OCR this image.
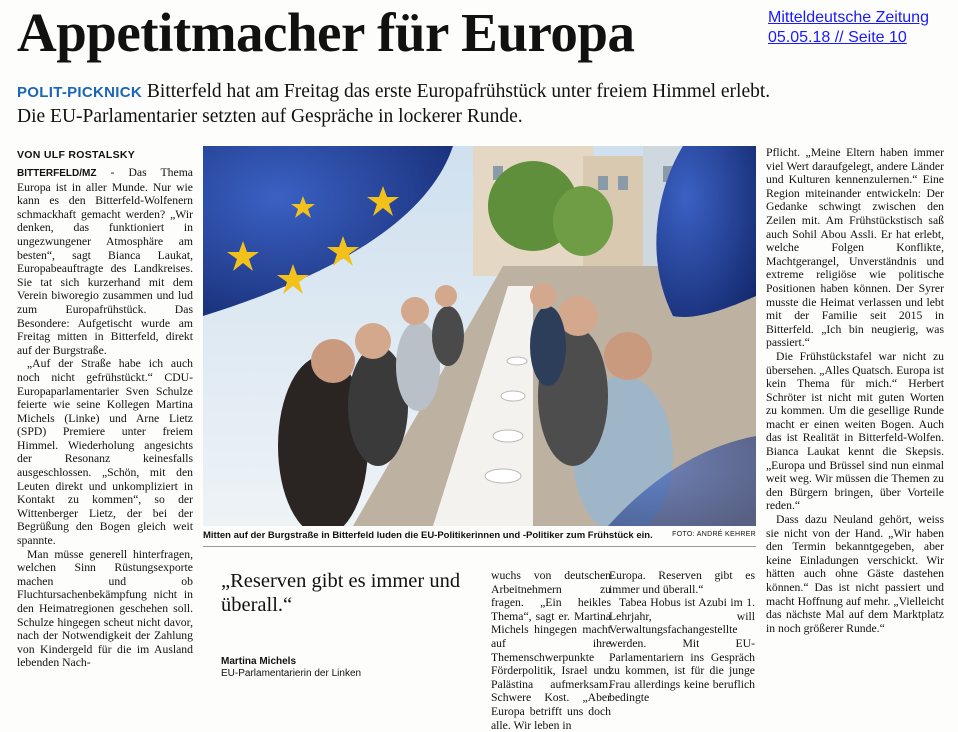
Appetitmacher für Europa	Mitteldeutsche Zeitung
05.05.18 // Seite 10
POLIT-PICKNICK Bitterfeld hat am Freitag das erste Europafrühstück unter freiem Himmel erlebt.
Die EU-Parlamentarier setzten auf Gespräche in lockerer Runde.
VON ULF ROSTALSKY

BITTERFELD/MZ - Das Thema Europa ist in aller Munde. Nur wie kann es den Bitterfeld-Wolfenern schmackhaft gemacht werden? „Wir denken, das funktioniert in ungezwungener Atmosphäre am besten“, sagt Bianca Laukat, Europabeauftragte des Landkreises. Sie tat sich kurzerhand mit dem Verein biworegio zusammen und lud zum Europafrühstück. Das Besondere: Aufgetischt wurde am Freitag mitten in Bitterfeld, direkt auf der Burgstraße.

„Auf der Straße habe ich auch noch nicht gefrühstückt.“ CDU-Europaparlamentarier Sven Schulze feierte wie seine Kollegen Martina Michels (Linke) und Arne Lietz (SPD) Premiere unter freiem Himmel. Wiederholung angesichts der Resonanz keinesfalls ausgeschlossen. „Schön, mit den Leuten direkt und unkompliziert in Kontakt zu kommen“, so der Wittenberger Lietz, der bei der Begrüßung den Bogen gleich weit spannte.

Man müsse generell hinterfragen, welchen Sinn Rüstungsexporte machen und ob Fluchtursachenbekämpfung nicht in den Heimatregionen geschehen soll. Schulze hingegen scheut nicht davor, nach der Notwendigkeit der Zahlung von Kindergeld für die im Ausland lebenden Nach-

Mitten auf der Burgstraße in Bitterfeld luden die EU-Politikerinnen und -Politiker zum Frühstück ein.	FOTO: ANDRÉ KEHRER
„Reserven gibt es immer und überall.“
Martina Michels
EU-Parlamentarierin der Linken

wuchs von deutschen Arbeitnehmern zu fragen. „Ein heikles Thema“, sagt er. Martina Michels hingegen macht auf ihre Themenschwerpunkte Förderpolitik, Israel und Palästina aufmerksam. Schwere Kost. „Aber Europa betrifft uns doch alle. Wir leben in

Europa. Reserven gibt es immer und überall.“

Tabea Hobus ist Azubi im 1. Lehrjahr, will Verwaltungsfachangestellte werden. Mit EU-Parlamentariern ins Gespräch zu kommen, ist für die junge Frau allerdings keine beruflich bedingte

Pflicht. „Meine Eltern haben immer viel Wert daraufgelegt, andere Länder und Kulturen kennenzulernen.“ Eine Region miteinander entwickeln: Der Gedanke schwingt zwischen den Zeilen mit. Am Frühstückstisch saß auch Sohil Abou Assli. Er hat erlebt, welche Folgen Konflikte, Machtgerangel, Unverständnis und extreme religiöse wie politische Positionen haben können. Der Syrer musste die Heimat verlassen und lebt mit der Familie seit 2015 in Bitterfeld. „Ich bin neugierig, was passiert.“

Die Frühstückstafel war nicht zu übersehen. „Alles Quatsch. Europa ist kein Thema für mich.“ Herbert Schröter ist nicht mit guten Worten zu kommen. Um die gesellige Runde macht er einen weiten Bogen. Auch das ist Realität in Bitterfeld-Wolfen. Bianca Laukat kennt die Skepsis. „Europa und Brüssel sind nun einmal weit weg. Wir müssen die Themen zu den Bürgern bringen, über Vorteile reden.“

Dass dazu Neuland gehört, weiss sie nicht von der Hand. „Wir haben den Termin bekanntgegeben, aber keine Einladungen verschickt. Wir hätten auch ohne Gäste dastehen können.“ Das ist nicht passiert und macht Hoffnung auf mehr. „Vielleicht das nächste Mal auf dem Marktplatz in noch größerer Runde.“
